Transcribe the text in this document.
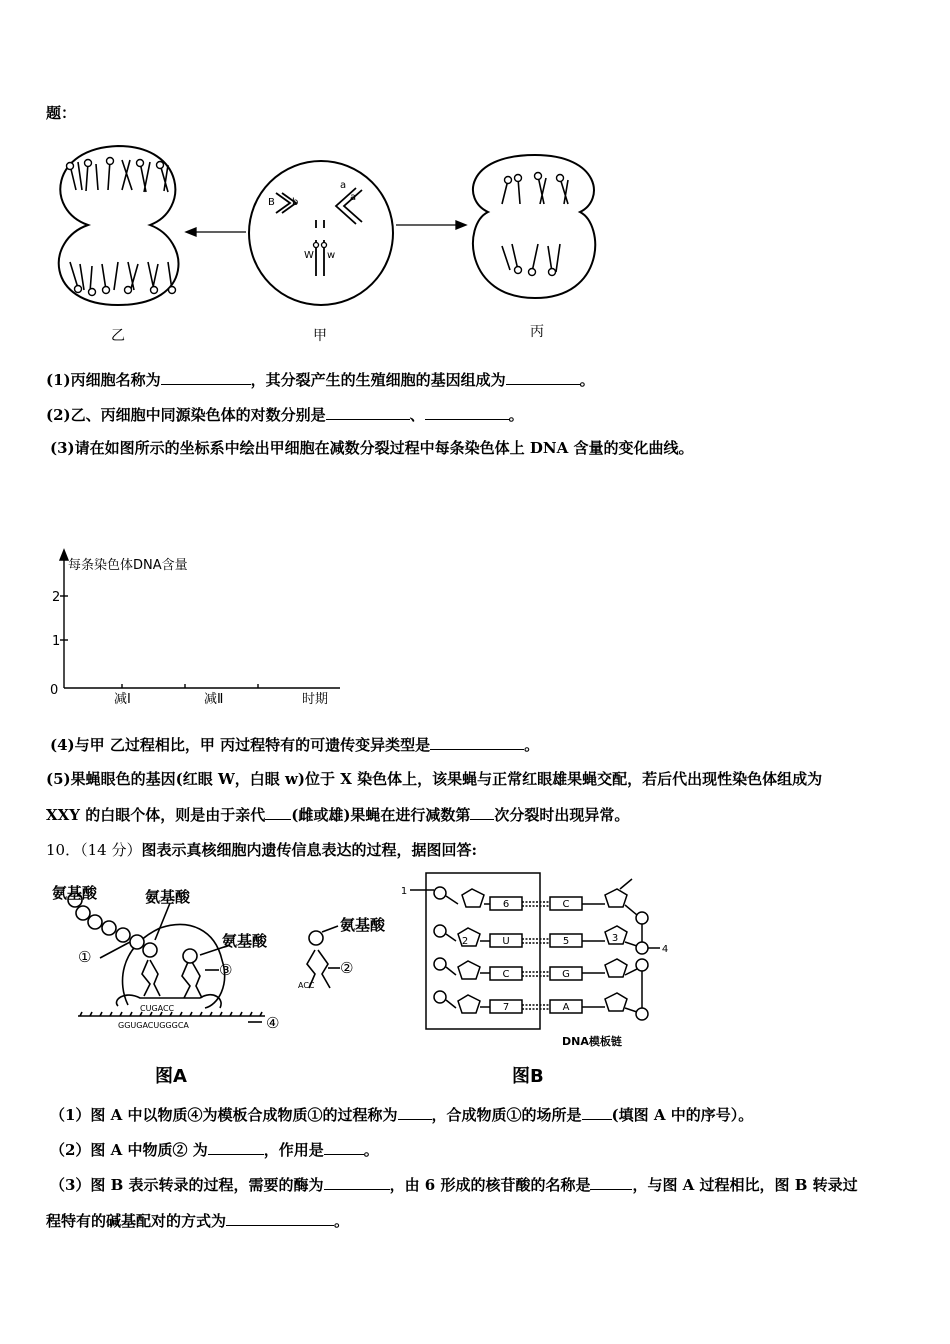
题：
乙
B b
a
a
W w
甲	丙
(1)丙细胞名称为	，其分裂产生的生殖细胞的基因组成为	。
(2)乙、丙细胞中同源染色体的对数分别是	、	。
(3)请在如图所示的坐标系中绘出甲细胞在减数分裂过程中每条染色体上 DNA 含量的变化曲线。
每条染色体DNA含量
2
1
0
减Ⅰ	减Ⅱ	时期
(4)与甲 乙过程相比，甲 丙过程特有的可遗传变异类型是	。
(5)果蝇眼色的基因(红眼 W，白眼 w)位于 X 染色体上，该果蝇与正常红眼雄果蝇交配，若后代出现性染色体组成为
XXY 的白眼个体，则是由于亲代 (雌或雄)果蝇在进行减数第 次分裂时出现异常。
10．（14 分）图表示真核细胞内遗传信息表达的过程，据图回答:
氨基酸	氨基酸
氨基酸
氨基酸
①
②
③
④
CUGACC
GGUGACUGGGCA
ACC
图A
6
U
C
7
C
5
G
A
1
2	3
4
DNA模板链
图B
（1）图 A 中以物质④为模板合成物质①的过程称为 ，合成物质①的场所是 (填图 A 中的序号）。
（2）图 A 中物质② 为	，作用是	。
（3）图 B 表示转录的过程，需要的酶为	，由 6 形成的核苷酸的名称是	，与图 A 过程相比，图 B 转录过
程特有的碱基配对的方式为	。
